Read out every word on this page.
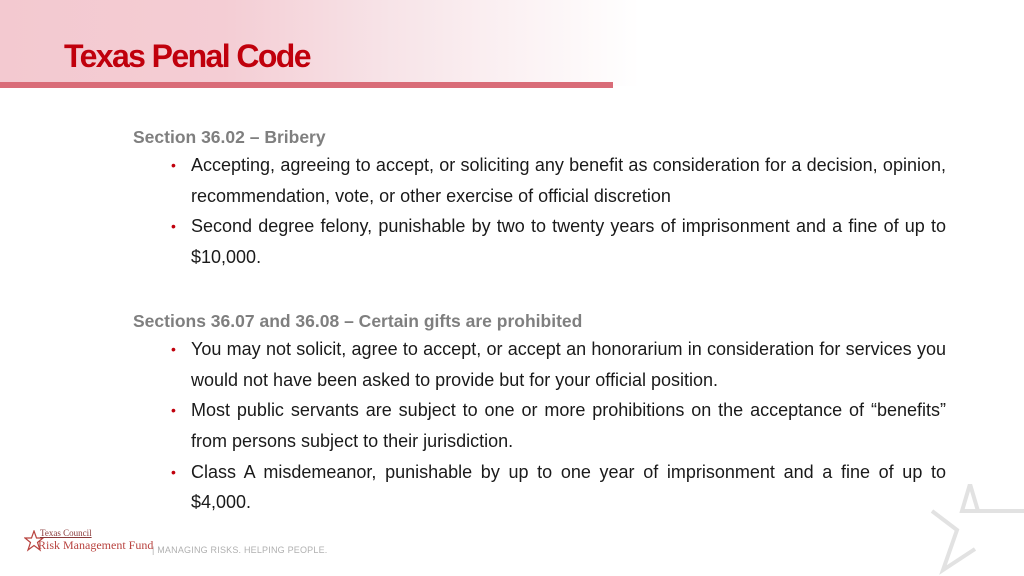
Texas Penal Code

Section 36.02 – Bribery

• Accepting, agreeing to accept, or soliciting any benefit as consideration for a decision, opinion, recommendation, vote, or other exercise of official discretion
• Second degree felony, punishable by two to twenty years of imprisonment and a fine of up to $10,000.

Sections 36.07 and 36.08 – Certain gifts are prohibited

• You may not solicit, agree to accept, or accept an honorarium in consideration for services you would not have been asked to provide but for your official position.
• Most public servants are subject to one or more prohibitions on the acceptance of “benefits” from persons subject to their jurisdiction.
• Class A misdemeanor, punishable by up to one year of imprisonment and a fine of up to $4,000.
Texas Council
Risk Management Fund
| MANAGING RISKS. HELPING PEOPLE.
